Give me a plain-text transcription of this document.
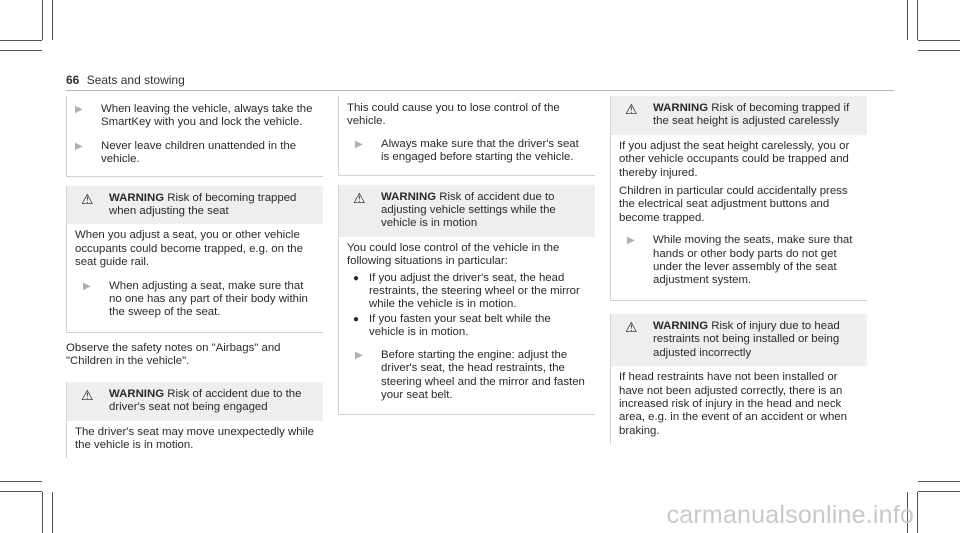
66 Seats and stowing
▶	When leaving the vehicle, always take the SmartKey with you and lock the vehicle.

▶	Never leave children unattended in the vehicle.

⚠	WARNING Risk of becoming trapped when adjusting the seat

When you adjust a seat, you or other vehicle occupants could become trapped, e.g. on the seat guide rail.

▶	When adjusting a seat, make sure that no one has any part of their body within the sweep of the seat.

Observe the safety notes on "Airbags" and "Children in the vehicle".

⚠	WARNING Risk of accident due to the driver's seat not being engaged

The driver's seat may move unexpectedly while the vehicle is in motion.

This could cause you to lose control of the vehicle.

▶	Always make sure that the driver's seat is engaged before starting the vehicle.

⚠	WARNING Risk of accident due to adjusting vehicle settings while the vehicle is in motion

You could lose control of the vehicle in the following situations in particular:

● If you adjust the driver's seat, the head restraints, the steering wheel or the mirror while the vehicle is in motion.
● If you fasten your seat belt while the vehicle is in motion.
▶	Before starting the engine: adjust the driver's seat, the head restraints, the steering wheel and the mirror and fasten your seat belt.

⚠	WARNING Risk of becoming trapped if the seat height is adjusted carelessly

If you adjust the seat height carelessly, you or other vehicle occupants could be trapped and thereby injured.

Children in particular could accidentally press the electrical seat adjustment buttons and become trapped.

▶	While moving the seats, make sure that hands or other body parts do not get under the lever assembly of the seat adjustment system.

⚠	WARNING Risk of injury due to head restraints not being installed or being adjusted incorrectly

If head restraints have not been installed or have not been adjusted correctly, there is an increased risk of injury in the head and neck area, e.g. in the event of an accident or when braking.

carmanualsonline.info
